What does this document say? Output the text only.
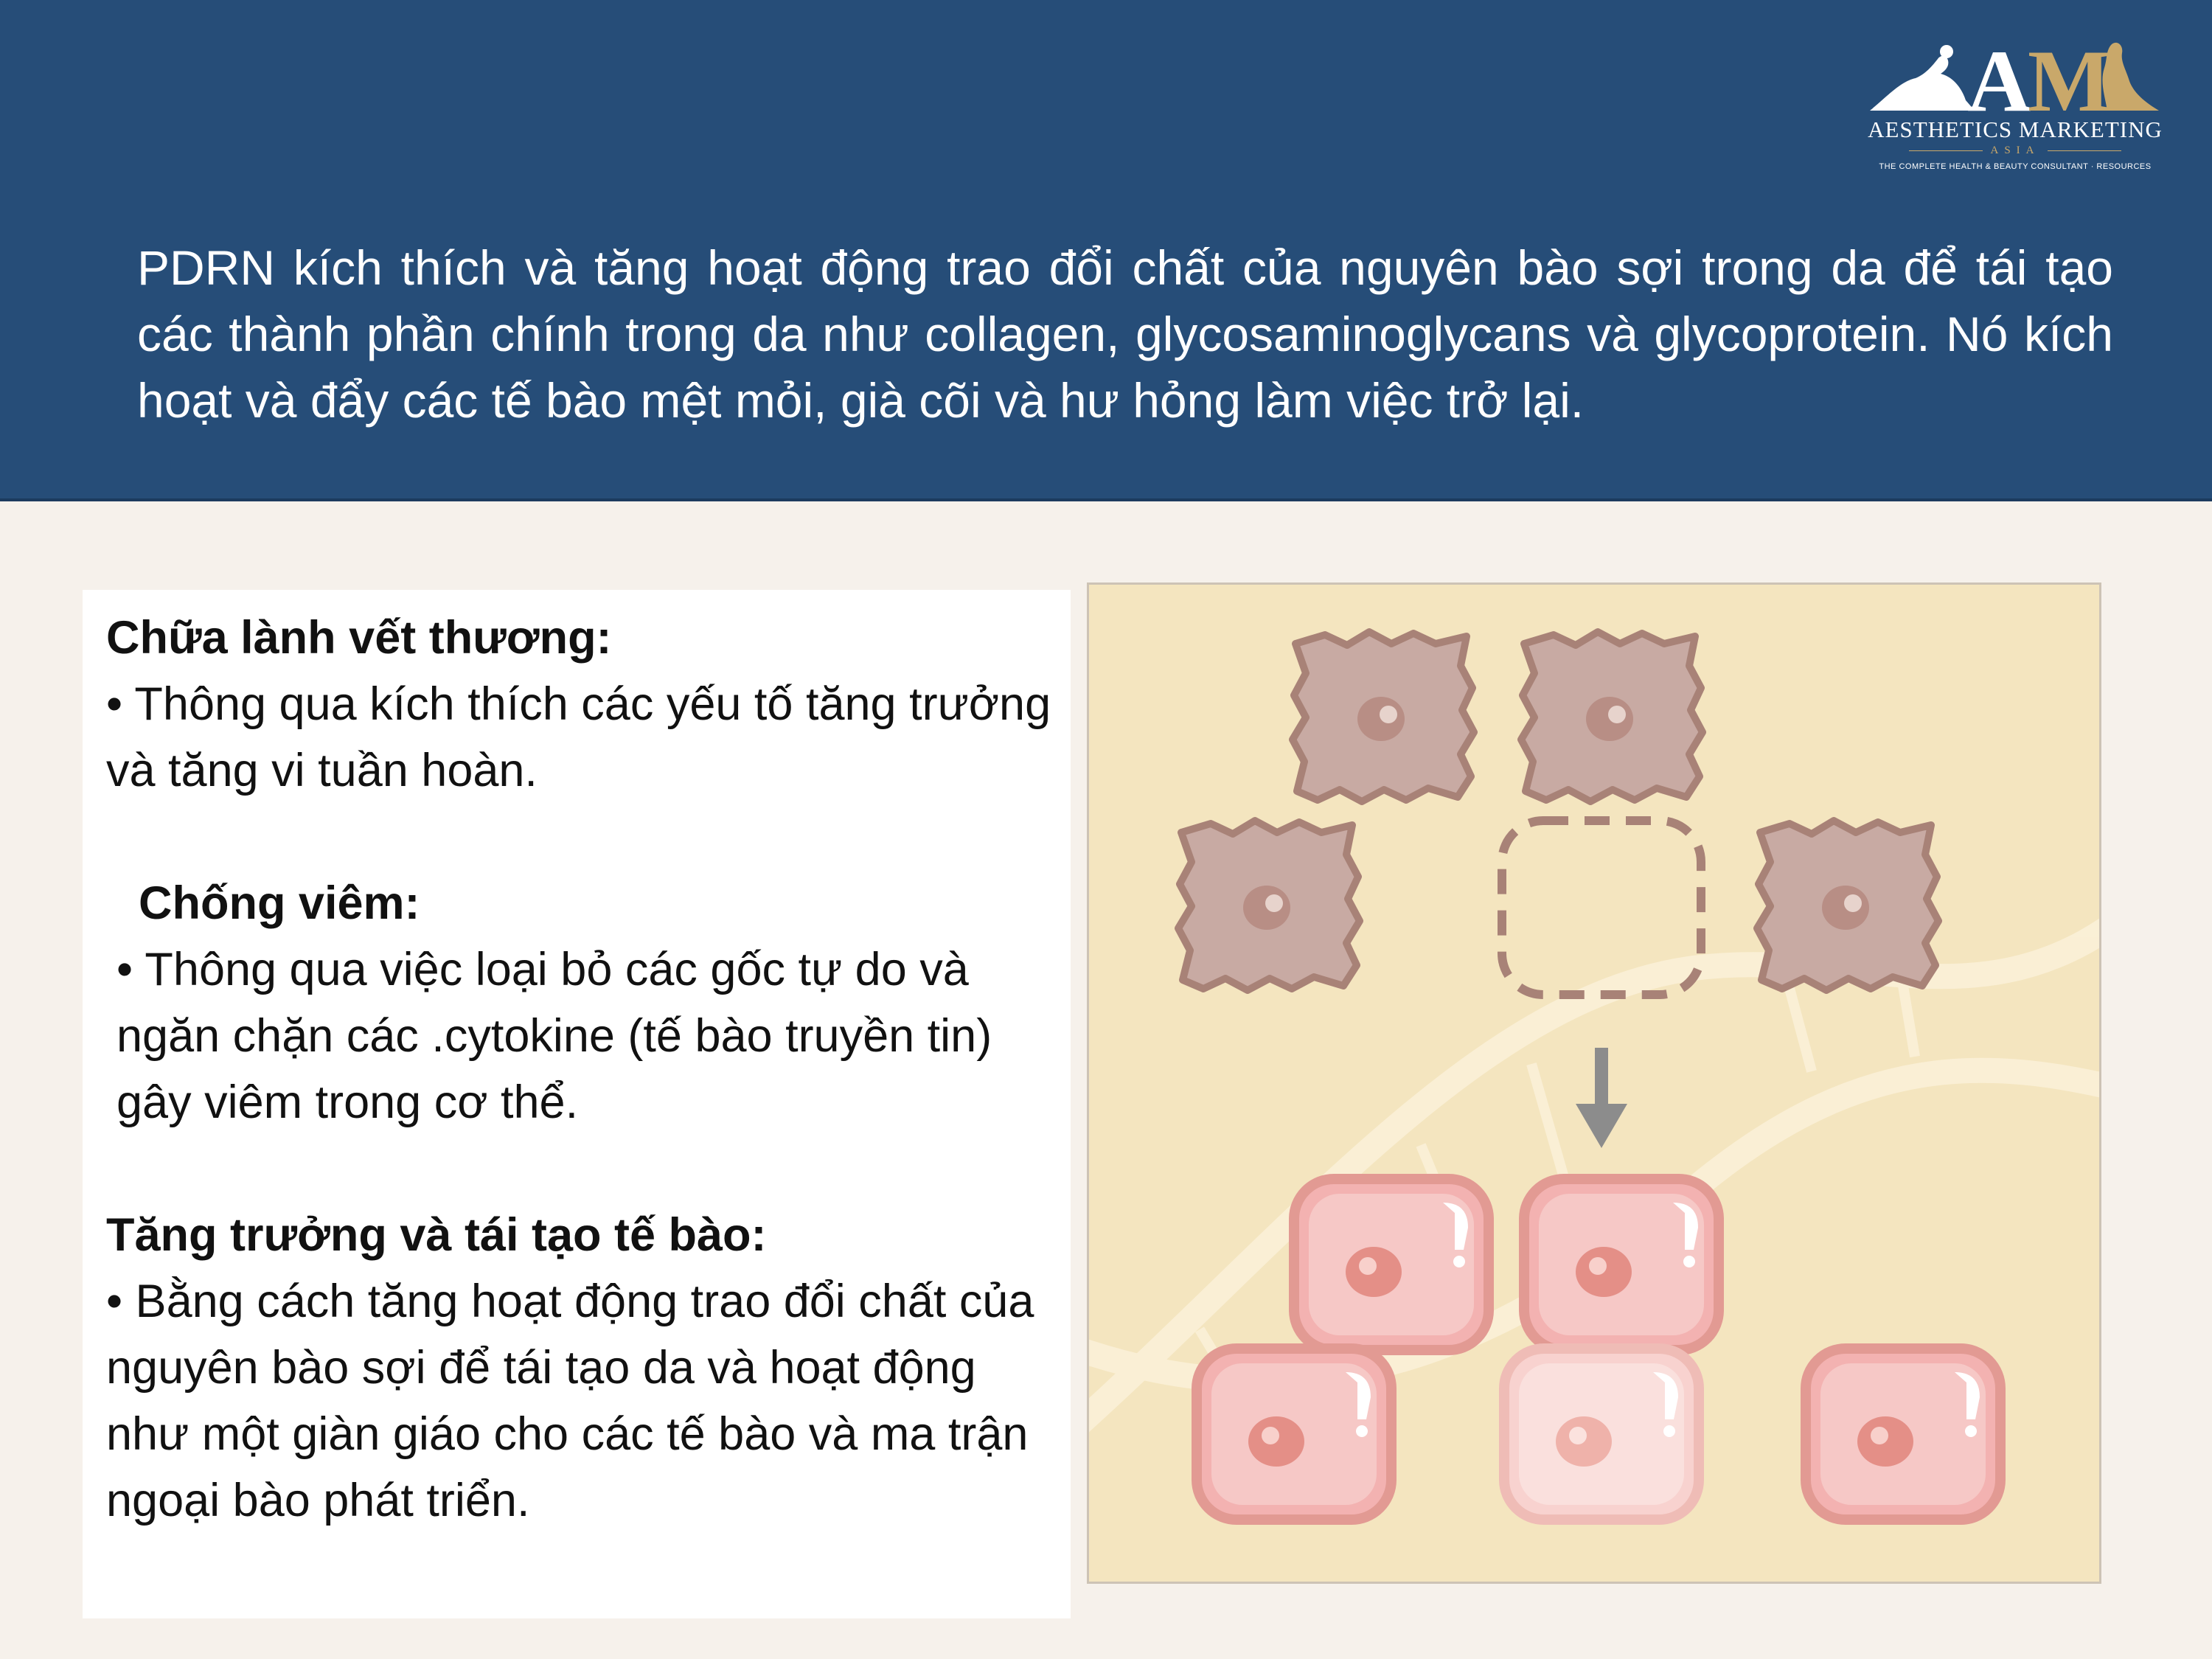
A
M
AESTHETICS MARKETING
ASIA
THE COMPLETE HEALTH & BEAUTY CONSULTANT · RESOURCES

PDRN kích thích và tăng hoạt động trao đổi chất của nguyên bào sợi trong da để tái tạo các thành phần chính trong da như collagen, glycosaminoglycans và glycoprotein. Nó kích hoạt và đẩy các tế bào mệt mỏi, già cõi và hư hỏng làm việc trở lại.

Chữa lành vết thương:
• Thông qua kích thích các yếu tố tăng trưởng và tăng vi tuần hoàn.
Chống viêm:
• Thông qua việc loại bỏ các gốc tự do và ngăn chặn các .cytokine (tế bào truyền tin) gây viêm trong cơ thể.
Tăng trưởng và tái tạo tế bào:
• Bằng cách tăng hoạt động trao đổi chất của nguyên bào sợi để tái tạo da và hoạt động như một giàn giáo cho các tế bào và ma trận ngoại bào phát triển.
